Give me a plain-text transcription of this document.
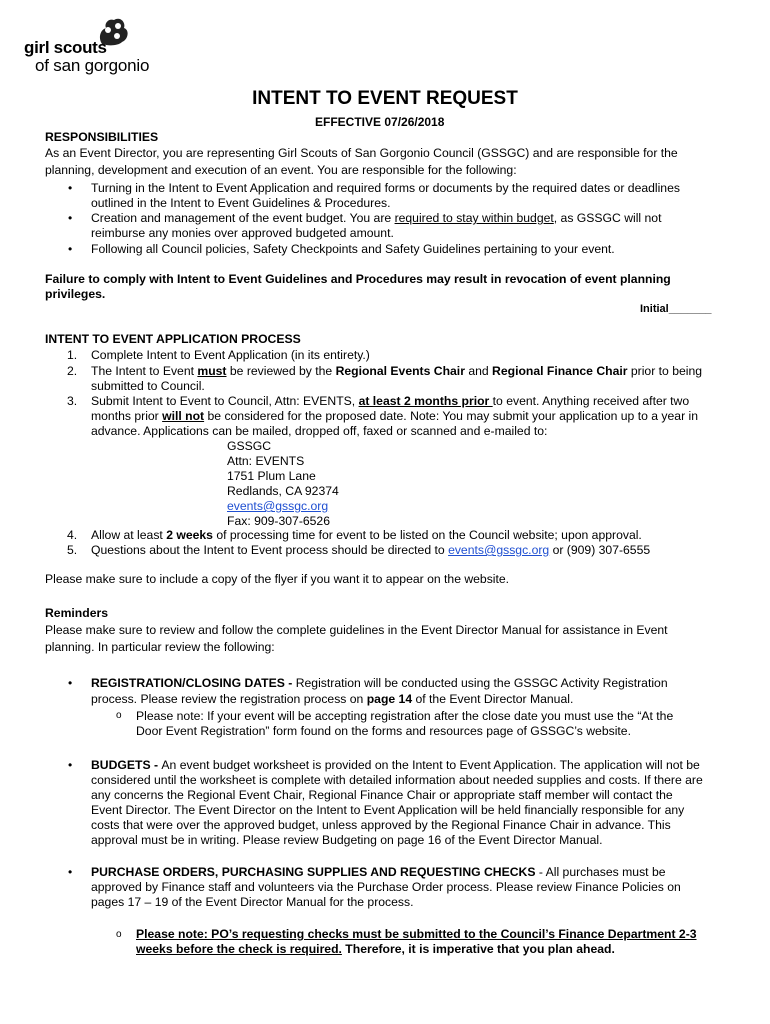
girl scouts
of san gorgonio
INTENT TO EVENT REQUEST
EFFECTIVE 07/26/2018
RESPONSIBILITIES
As an Event Director, you are representing Girl Scouts of San Gorgonio Council (GSSGC) and are responsible for the
planning, development and execution of an event. You are responsible for the following:
• Turning in the Intent to Event Application and required forms or documents by the required dates or deadlines
outlined in the Intent to Event Guidelines & Procedures.
• Creation and management of the event budget. You are required to stay within budget, as GSSGC will not
reimburse any monies over approved budgeted amount.
• Following all Council policies, Safety Checkpoints and Safety Guidelines pertaining to your event.
Failure to comply with Intent to Event Guidelines and Procedures may result in revocation of event planning
privileges.
Initial_______
INTENT TO EVENT APPLICATION PROCESS
1. Complete Intent to Event Application (in its entirety.)
2. The Intent to Event must be reviewed by the Regional Events Chair and Regional Finance Chair prior to being
submitted to Council.
3. Submit Intent to Event to Council, Attn: EVENTS, at least 2 months prior to event. Anything received after two
months prior will not be considered for the proposed date. Note: You may submit your application up to a year in
advance. Applications can be mailed, dropped off, faxed or scanned and e-mailed to:
GSSGC
Attn: EVENTS
1751 Plum Lane
Redlands, CA 92374
events@gssgc.org
Fax: 909-307-6526
4. Allow at least 2 weeks of processing time for event to be listed on the Council website; upon approval.
5. Questions about the Intent to Event process should be directed to events@gssgc.org or (909) 307-6555
Please make sure to include a copy of the flyer if you want it to appear on the website.
Reminders
Please make sure to review and follow the complete guidelines in the Event Director Manual for assistance in Event
planning. In particular review the following:
• REGISTRATION/CLOSING DATES - Registration will be conducted using the GSSGC Activity Registration
process. Please review the registration process on page 14 of the Event Director Manual.
o Please note: If your event will be accepting registration after the close date you must use the “At the
Door Event Registration” form found on the forms and resources page of GSSGC’s website.
• BUDGETS - An event budget worksheet is provided on the Intent to Event Application. The application will not be
considered until the worksheet is complete with detailed information about needed supplies and costs. If there are
any concerns the Regional Event Chair, Regional Finance Chair or appropriate staff member will contact the
Event Director. The Event Director on the Intent to Event Application will be held financially responsible for any
costs that were over the approved budget, unless approved by the Regional Finance Chair in advance. This
approval must be in writing. Please review Budgeting on page 16 of the Event Director Manual.
• PURCHASE ORDERS, PURCHASING SUPPLIES AND REQUESTING CHECKS - All purchases must be
approved by Finance staff and volunteers via the Purchase Order process. Please review Finance Policies on
pages 17 – 19 of the Event Director Manual for the process.
o Please note: PO’s requesting checks must be submitted to the Council’s Finance Department 2-3
weeks before the check is required. Therefore, it is imperative that you plan ahead.
